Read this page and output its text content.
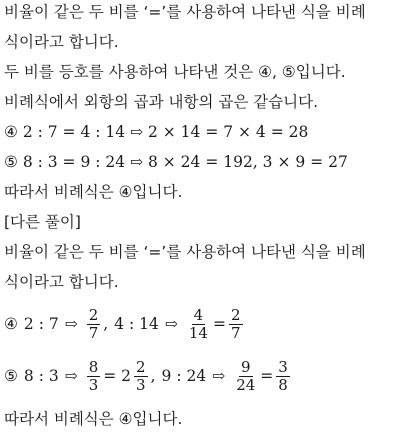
비율이 같은 두 비를 ‘=’를 사용하여 나타낸 식을 비례
식이라고 합니다.
두 비를 등호를 사용하여 나타낸 것은 ④, ⑤입니다.
비례식에서 외항의 곱과 내항의 곱은 같습니다.
④ 2 : 7 = 4 : 14 ⇨ 2 × 14 = 7 × 4 = 28
⑤ 8 : 3 = 9 : 24 ⇨ 8 × 24 = 192, 3 × 9 = 27
따라서 비례식은 ④입니다.
[다른 풀이]
비율이 같은 두 비를 ‘=’를 사용하여 나타낸 식을 비례
식이라고 합니다.
④ 2 : 7 ⇨ $\frac{2}{7}$ , 4 : 14 ⇨ $\frac{4}{14} = \frac{2}{7}$
⑤ 8 : 3 ⇨ $\frac{8}{3} = 2 \frac{2}{3}$ , 9 : 24 ⇨ $\frac{9}{24} = \frac{3}{8}$
따라서 비례식은 ④입니다.
